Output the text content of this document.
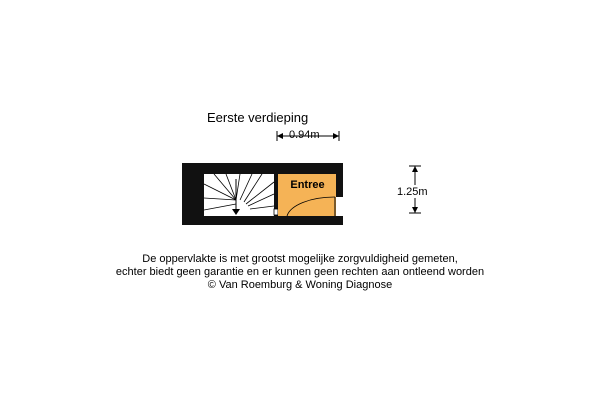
Eerste verdieping
0.94m
1.25m
Entree
De oppervlakte is met grootst mogelijke zorgvuldigheid gemeten,
echter biedt geen garantie en er kunnen geen rechten aan ontleend worden
© Van Roemburg & Woning Diagnose
